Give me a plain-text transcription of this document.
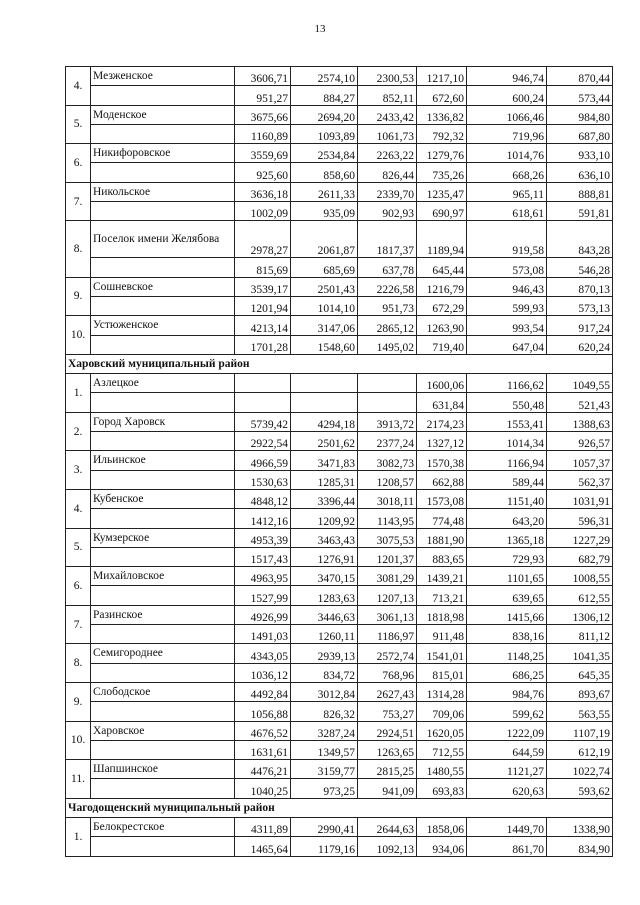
13
4.	Мезженское	3606,71	2574,10	2300,53	1217,10	946,74	870,44
		951,27	884,27	852,11	672,60	600,24	573,44
5.	Моденское	3675,66	2694,20	2433,42	1336,82	1066,46	984,80
		1160,89	1093,89	1061,73	792,32	719,96	687,80
6.	Никифоровское	3559,69	2534,84	2263,22	1279,76	1014,76	933,10
		925,60	858,60	826,44	735,26	668,26	636,10
7.	Никольское	3636,18	2611,33	2339,70	1235,47	965,11	888,81
		1002,09	935,09	902,93	690,97	618,61	591,81
8.	Поселок имени Желябова	2978,27	2061,87	1817,37	1189,94	919,58	843,28
		815,69	685,69	637,78	645,44	573,08	546,28
9.	Сошневское	3539,17	2501,43	2226,58	1216,79	946,43	870,13
		1201,94	1014,10	951,73	672,29	599,93	573,13
10.	Устюженское	4213,14	3147,06	2865,12	1263,90	993,54	917,24
		1701,28	1548,60	1495,02	719,40	647,04	620,24
Харовский муниципальный район							
1.	Азлецкое				1600,06	1166,62	1049,55
					631,84	550,48	521,43
2.	Город Харовск	5739,42	4294,18	3913,72	2174,23	1553,41	1388,63
		2922,54	2501,62	2377,24	1327,12	1014,34	926,57
3.	Ильинское	4966,59	3471,83	3082,73	1570,38	1166,94	1057,37
		1530,63	1285,31	1208,57	662,88	589,44	562,37
4.	Кубенское	4848,12	3396,44	3018,11	1573,08	1151,40	1031,91
		1412,16	1209,92	1143,95	774,48	643,20	596,31
5.	Кумзерское	4953,39	3463,43	3075,53	1881,90	1365,18	1227,29
		1517,43	1276,91	1201,37	883,65	729,93	682,79
6.	Михайловское	4963,95	3470,15	3081,29	1439,21	1101,65	1008,55
		1527,99	1283,63	1207,13	713,21	639,65	612,55
7.	Разинское	4926,99	3446,63	3061,13	1818,98	1415,66	1306,12
		1491,03	1260,11	1186,97	911,48	838,16	811,12
8.	Семигороднее	4343,05	2939,13	2572,74	1541,01	1148,25	1041,35
		1036,12	834,72	768,96	815,01	686,25	645,35
9.	Слободское	4492,84	3012,84	2627,43	1314,28	984,76	893,67
		1056,88	826,32	753,27	709,06	599,62	563,55
10.	Харовское	4676,52	3287,24	2924,51	1620,05	1222,09	1107,19
		1631,61	1349,57	1263,65	712,55	644,59	612,19
11.	Шапшинское	4476,21	3159,77	2815,25	1480,55	1121,27	1022,74
		1040,25	973,25	941,09	693,83	620,63	593,62
Чагодощенский муниципальный район							
1.	Белокрестское	4311,89	2990,41	2644,63	1858,06	1449,70	1338,90
		1465,64	1179,16	1092,13	934,06	861,70	834,90
